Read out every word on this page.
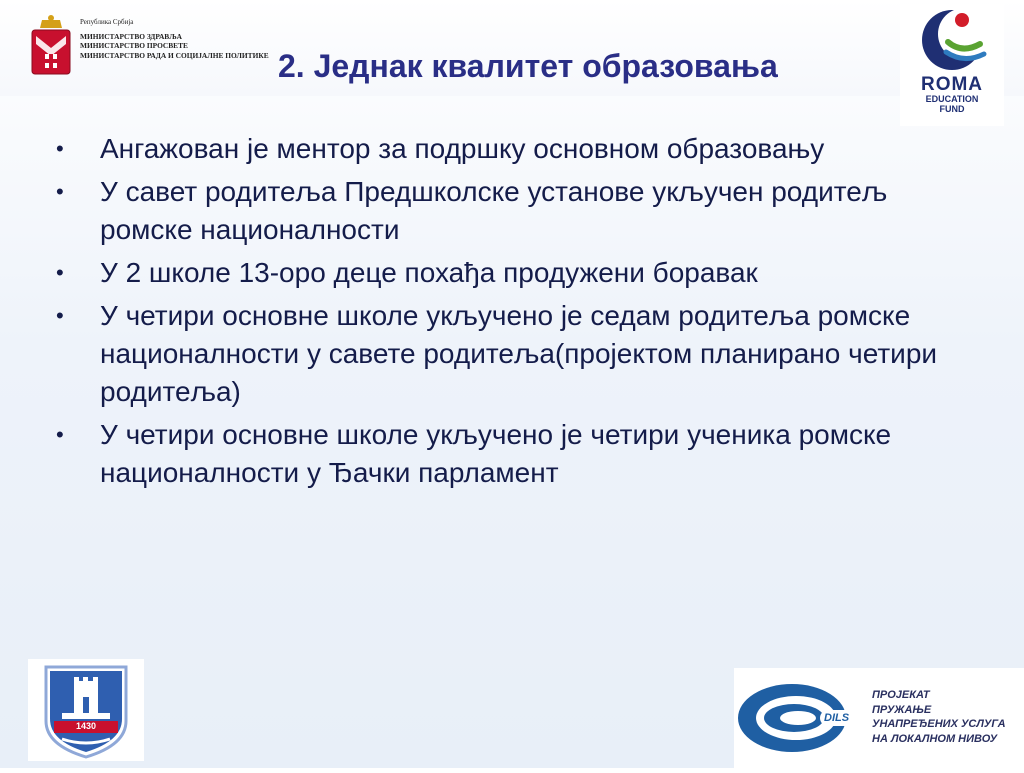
Република Србија
МИНИСТАРСТВО ЗДРАВЉА
МИНИСТАРСТВО ПРОСВЕТЕ
МИНИСТАРСТВО РАДА И СОЦИЈАЛНЕ ПОЛИТИКЕ 2. Једнак квалитет образовања
ROMA
EDUCATION
FUND
• Ангажован је ментор за подршку основном образовању
• У савет родитеља Предшколске установе укључен родитељ ромске националности
• У 2 школе 13-оро деце похађа продужени боравак
• У четири основне школе укључено је седам родитеља ромске националности у савете родитеља(пројектом планирано четири родитеља)
• У четири основне школе укључено је четири ученика ромске националности у Ђачки парламент
1430
DILS
ПРОЈЕКАТ
ПРУЖАЊЕ
УНАПРЕЂЕНИХ УСЛУГА
НА ЛОКАЛНОМ НИВОУ
